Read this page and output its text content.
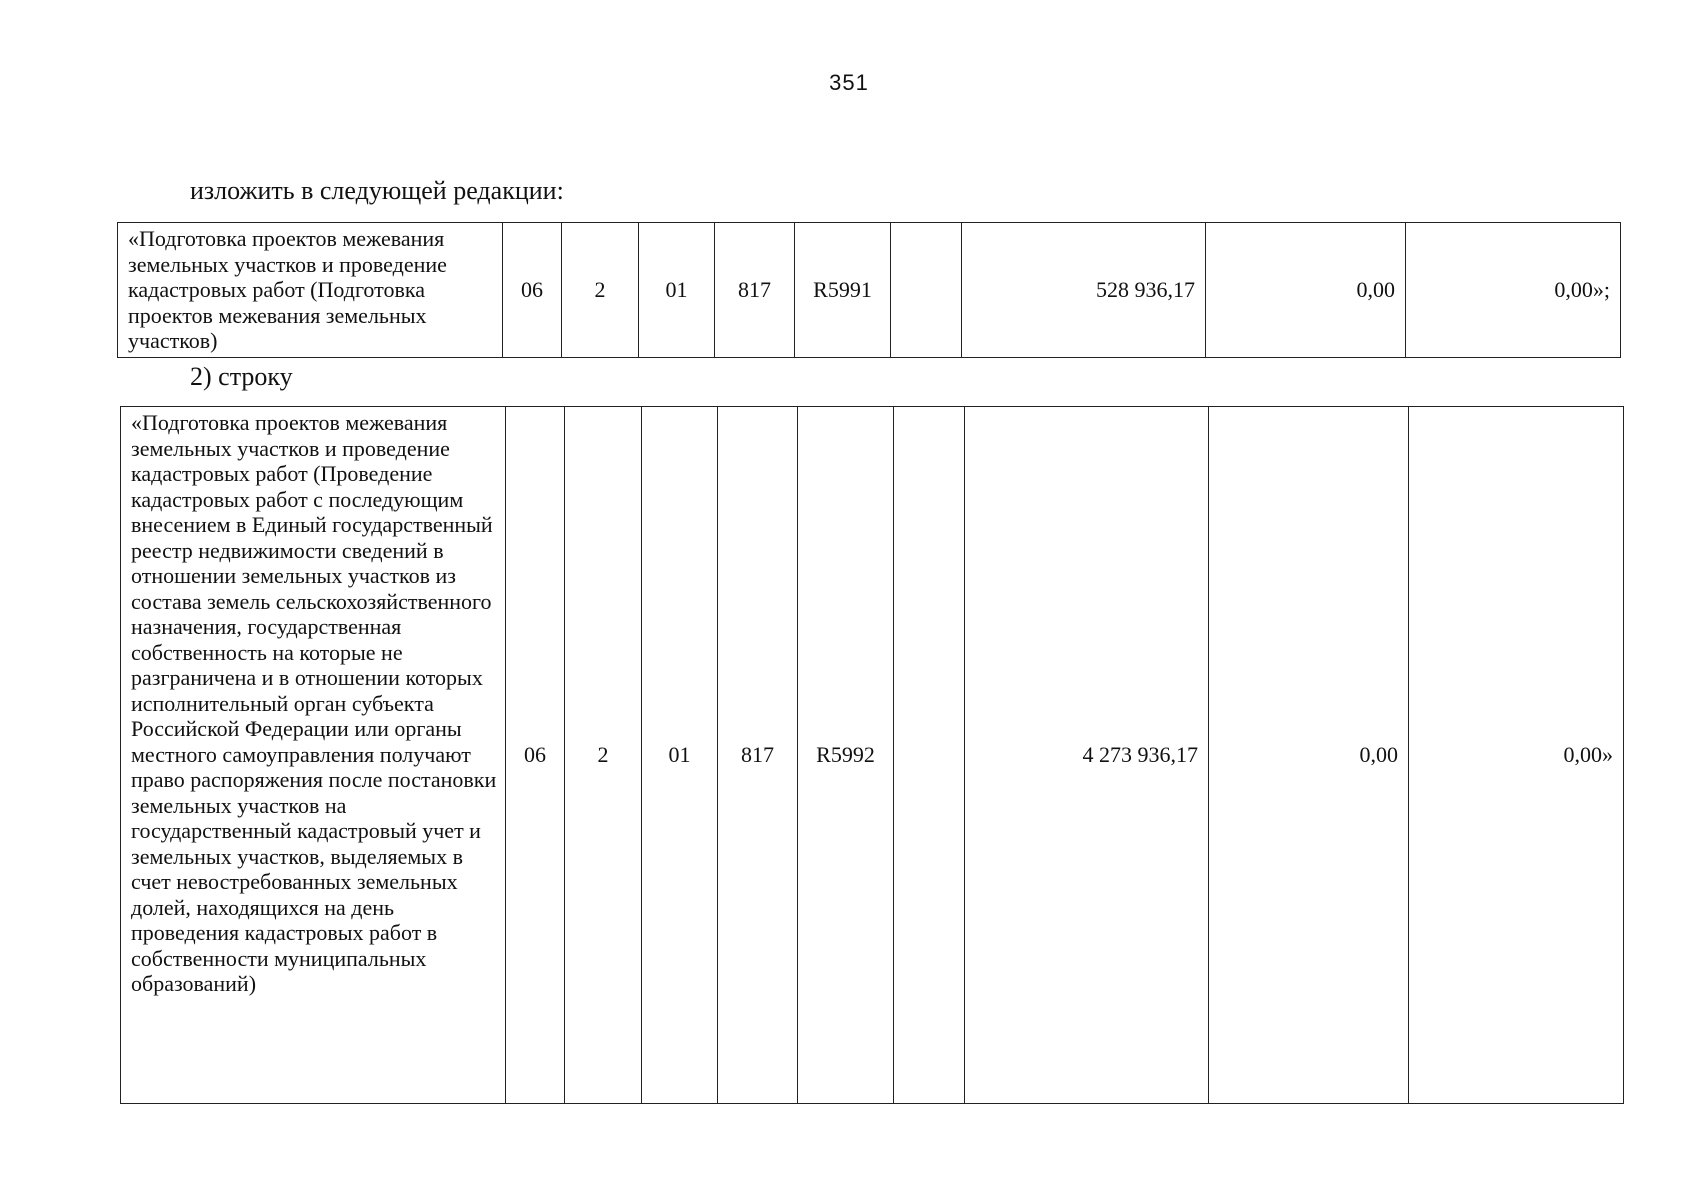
351
изложить в следующей редакции:
«Подготовка проектов межевания земельных участков и проведение кадастровых работ (Подготовка проектов межевания земельных участков)	06	2	01	817	R5991		528 936,17	0,00	0,00»;
2) строку
«Подготовка проектов межевания земельных участков и проведение кадастровых работ (Проведение кадастровых работ с последующим внесением в Единый государственный реестр недвижимости сведений в отношении земельных участков из состава земель сельскохозяйственного назначения, государственная собственность на которые не разграничена и в отношении которых исполнительный орган субъекта Российской Федерации или органы местного самоуправления получают право распоряжения после постановки земельных участков на государственный кадастровый учет и земельных участков, выделяемых в счет невостребованных земельных долей, находящихся на день проведения кадастровых работ в собственности муниципальных образований)	06	2	01	817	R5992		4 273 936,17	0,00	0,00»
